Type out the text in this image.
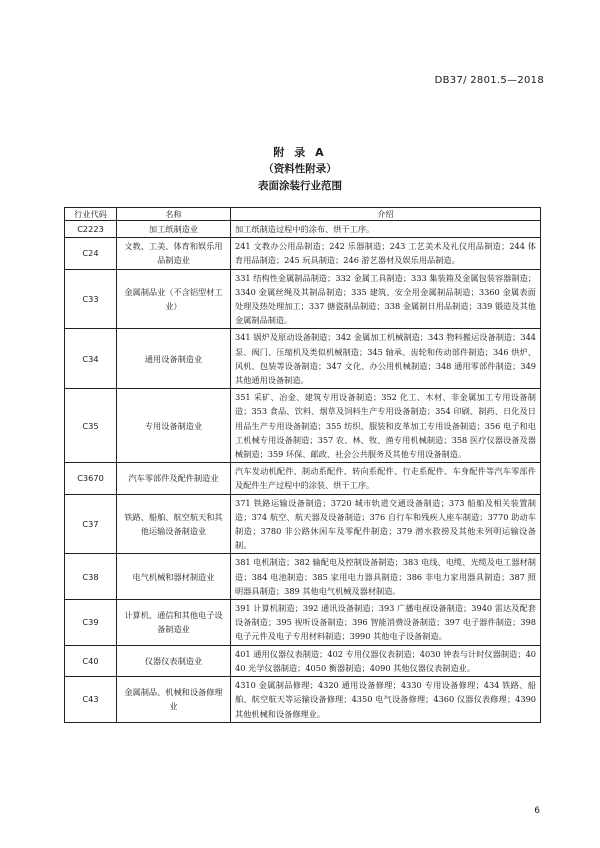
DB37/ 2801.5—2018
附 录 A
（资料性附录）
表面涂装行业范围
行业代码	名称	介绍
C2223	加工纸制造业	加工纸制造过程中的涂布、烘干工序。
C24	文教、工美、体育和娱乐用品制造业	241 文教办公用品制造；242 乐器制造；243 工艺美术及礼仪用品制造；244 体育用品制造；245 玩具制造；246 游艺器材及娱乐用品制造。
C33	金属制品业（不含铝型材工业）	331 结构性金属制品制造；332 金属工具制造；333 集装箱及金属包装容器制造；3340 金属丝绳及其制品制造；335 建筑、安全用金属制品制造；3360 金属表面处理及热处理加工；337 搪瓷制品制造；338 金属制日用品制造；339 锻造及其他金属制品制造。
C34	通用设备制造业	341 锅炉及原动设备制造；342 金属加工机械制造；343 物料搬运设备制造；344 泵、阀门、压缩机及类似机械制造；345 轴承、齿轮和传动部件制造；346 烘炉、风机、包装等设备制造；347 文化、办公用机械制造；348 通用零部件制造；349 其他通用设备制造。
C35	专用设备制造业	351 采矿、冶金、建筑专用设备制造；352 化工、木材、非金属加工专用设备制造；353 食品、饮料、烟草及饲料生产专用设备制造；354 印刷、制药、日化及日用品生产专用设备制造；355 纺织、服装和皮革加工专用设备制造；356 电子和电工机械专用设备制造；357 农、林、牧、渔专用机械制造；358 医疗仪器设备及器械制造；359 环保、邮政、社会公共服务及其他专用设备制造。
C3670	汽车零部件及配件制造业	汽车发动机配件、制动系配件、转向系配件、行走系配件、车身配件等汽车零部件及配件生产过程中的涂装、烘干工序。
C37	铁路、船舶、航空航天和其他运输设备制造业	371 铁路运输设备制造；3720 城市轨道交通设备制造；373 船舶及相关装置制造；374 航空、航天器及设备制造；376 自行车和残疾人座车制造；3770 助动车制造；3780 非公路休闲车及零配件制造；379 潜水救捞及其他未列明运输设备制。
C38	电气机械和器材制造业	381 电机制造；382 输配电及控制设备制造；383 电线、电缆、光缆及电工器材制造；384 电池制造；385 家用电力器具制造；386 非电力家用器具制造；387 照明器具制造；389 其他电气机械及器材制造。
C39	计算机、通信和其他电子设备制造业	391 计算机制造；392 通讯设备制造；393 广播电视设备制造；3940 雷达及配套设备制造；395 视听设备制造；396 智能消费设备制造；397 电子器件制造；398 电子元件及电子专用材料制造；3990 其他电子设备制造。
C40	仪器仪表制造业	401 通用仪器仪表制造；402 专用仪器仪表制造；4030 钟表与计时仪器制造；4040 光学仪器制造；4050 衡器制造；4090 其他仪器仪表制造业。
C43	金属制品、机械和设备修理业	4310 金属制品修理；4320 通用设备修理；4330 专用设备修理；434 铁路、船舶、航空航天等运输设备修理；4350 电气设备修理；4360 仪器仪表修理；4390 其他机械和设备修理业。
6
